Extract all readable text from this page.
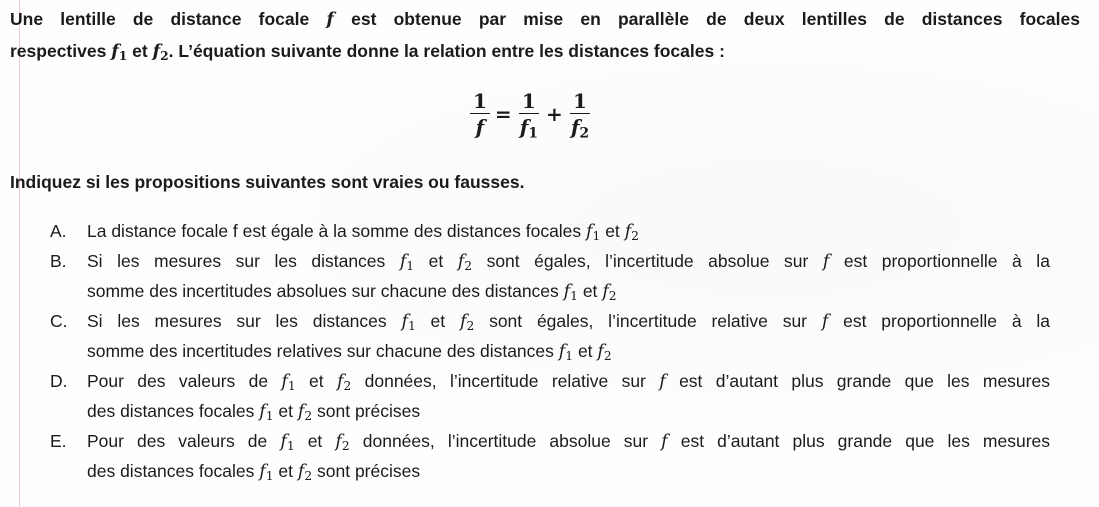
Une lentille de distance focale f est obtenue par mise en parallèle de deux lentilles de distances focales
respectives $f_1$ et $f_2$. L’équation suivante donne la relation entre les distances focales :
$\frac{1}{f} = \frac{1}{f_1} + \frac{1}{f_2}$
Indiquez si les propositions suivantes sont vraies ou fausses.
A.	La distance focale f est égale à la somme des distances focales $f_1$ et $f_2$
B.	Si les mesures sur les distances $f_1$ et $f_2$ sont égales, l’incertitude absolue sur f est proportionnelle à la
somme des incertitudes absolues sur chacune des distances $f_1$ et $f_2$
C.	Si les mesures sur les distances $f_1$ et $f_2$ sont égales, l’incertitude relative sur f est proportionnelle à la
somme des incertitudes relatives sur chacune des distances $f_1$ et $f_2$
D.	Pour des valeurs de $f_1$ et $f_2$ données, l’incertitude relative sur f est d’autant plus grande que les mesures
des distances focales $f_1$ et $f_2$ sont précises
E.	Pour des valeurs de $f_1$ et $f_2$ données, l’incertitude absolue sur f est d’autant plus grande que les mesures
des distances focales $f_1$ et $f_2$ sont précises
